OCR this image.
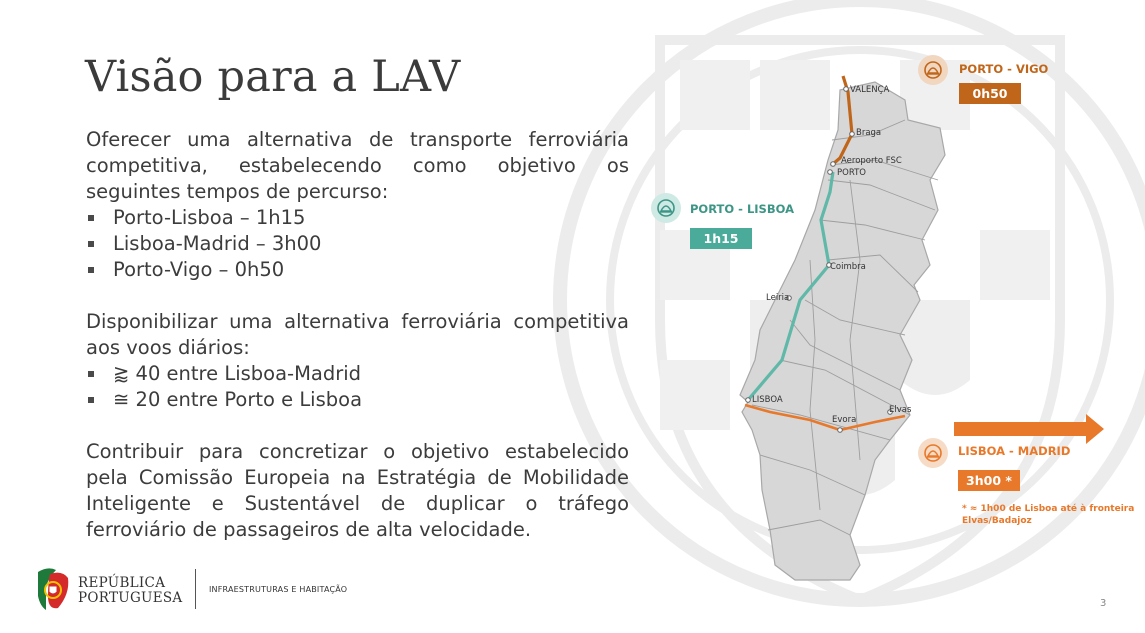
Visão para a LAV

Oferecer uma alternativa de transporte ferroviária competitiva, estabelecendo como objetivo os seguintes tempos de percurso:

Porto-Lisboa – 1h15
Lisboa-Madrid – 3h00
Porto-Vigo – 0h50

Disponibilizar uma alternativa ferroviária competitiva aos voos diários:

⪆ 40 entre Lisboa-Madrid
≅ 20 entre Porto e Lisboa

Contribuir para concretizar o objetivo estabelecido pela Comissão Europeia na Estratégia de Mobilidade Inteligente e Sustentável de duplicar o tráfego ferroviário de passageiros de alta velocidade.

VALENÇA
Braga
Aeroporto FSC
PORTO
Coimbra
Leiria
LISBOA
Evora
Elvas
PORTO - VIGO
0h50
PORTO - LISBOA
1h15
LISBOA - MADRID
3h00 *
* ≈ 1h00 de Lisboa até à fronteira
Elvas/Badajoz
REPÚBLICA
PORTUGUESA
INFRAESTRUTURAS E HABITAÇÃO
3
